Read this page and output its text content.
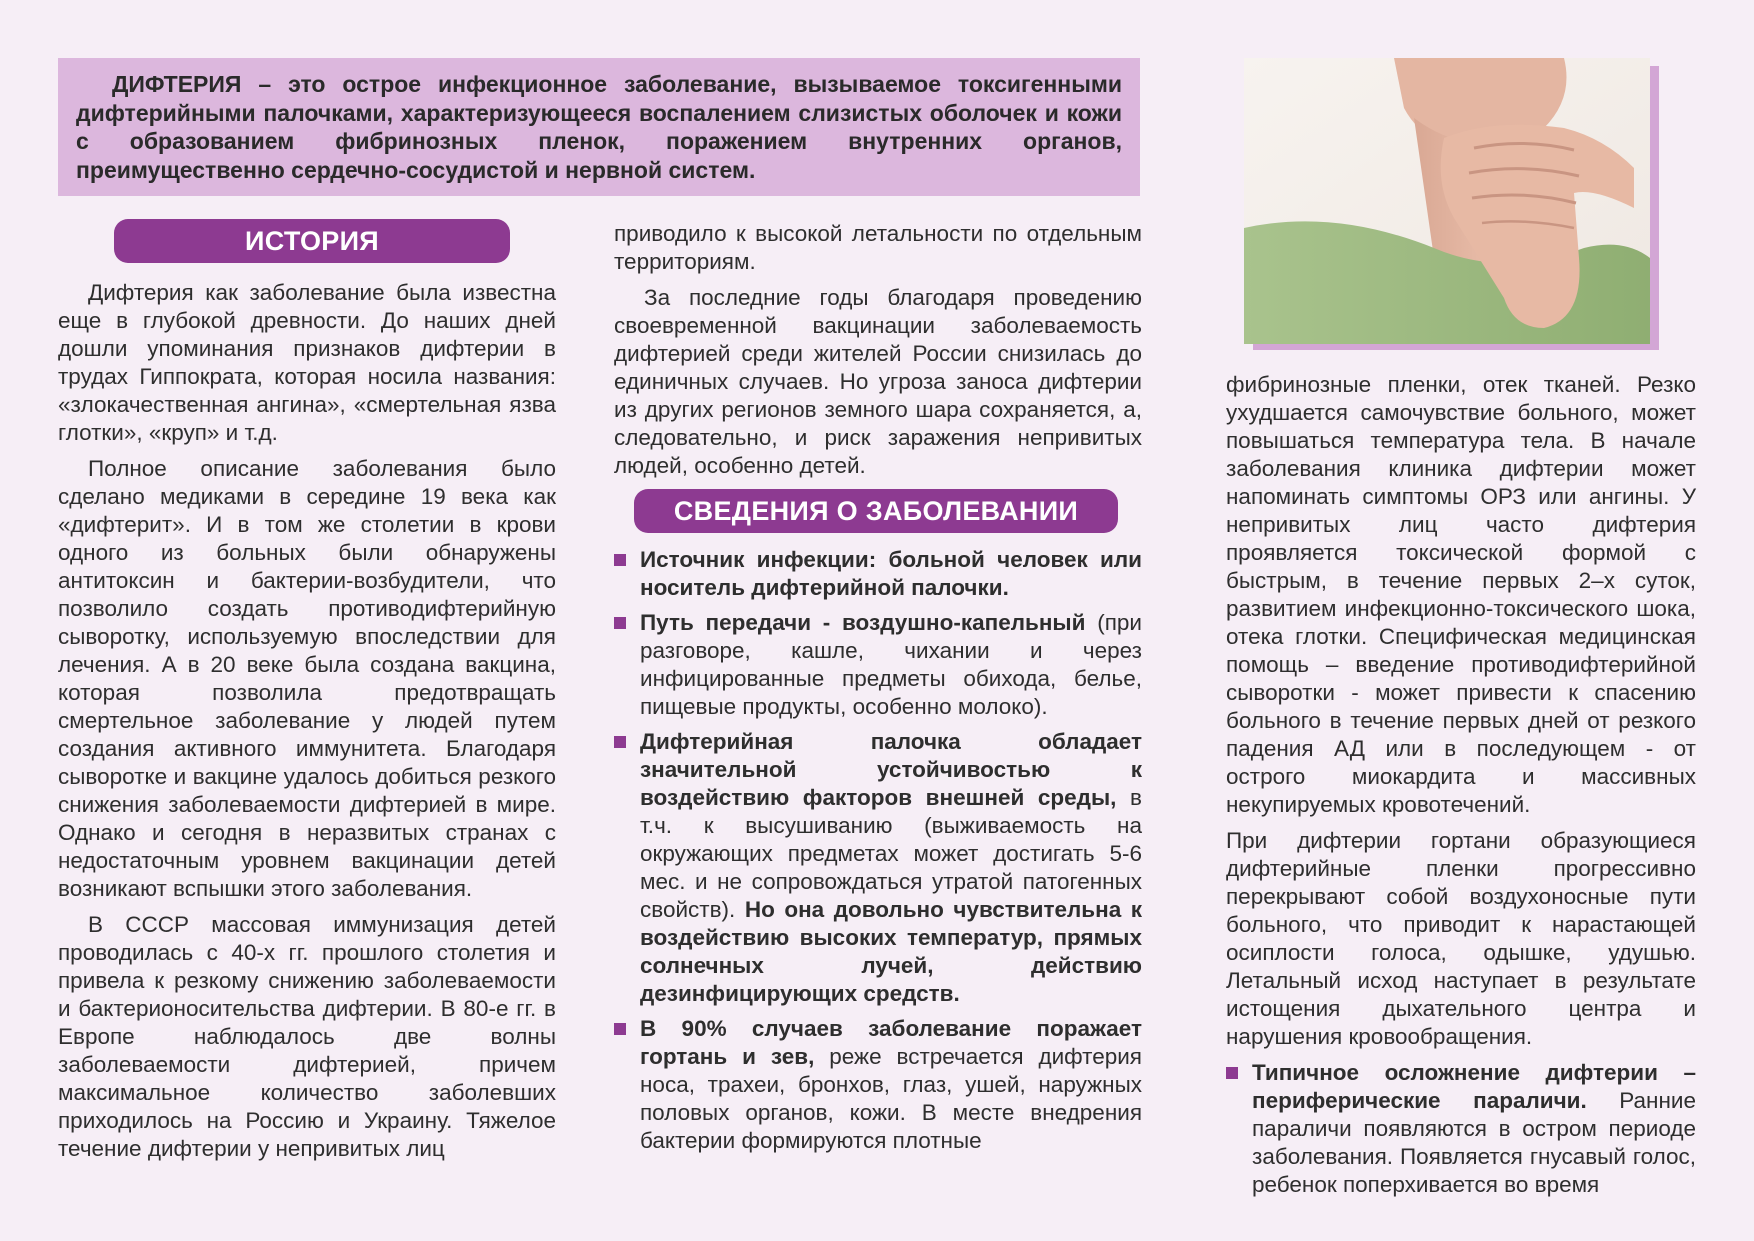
ДИФТЕРИЯ – это острое инфекционное заболевание, вызываемое токсигенными дифтерийными палочками, характеризующееся воспалением слизистых оболочек и кожи с образованием фибринозных пленок, поражением внутренних органов, преимущественно сердечно-сосудистой и нервной систем.

ИСТОРИЯ

Дифтерия как заболевание была известна еще в глубокой древности. До наших дней дошли упоминания признаков дифтерии в трудах Гиппократа, которая носила названия: «злокачественная ангина», «смертельная язва глотки», «круп» и т.д.

Полное описание заболевания было сделано медиками в середине 19 века как «дифтерит». И в том же столетии в крови одного из больных были обнаружены антитоксин и бактерии-возбудители, что позволило создать противодифтерийную сыворотку, используемую впоследствии для лечения. А в 20 веке была создана вакцина, которая позволила предотвращать смертельное заболевание у людей путем создания активного иммунитета. Благодаря сыворотке и вакцине удалось добиться резкого снижения заболеваемости дифтерией в мире. Однако и сегодня в неразвитых странах с недостаточным уровнем вакцинации детей возникают вспышки этого заболевания.

В СССР массовая иммунизация детей проводилась с 40-х гг. прошлого столетия и привела к резкому снижению заболеваемости и бактерионосительства дифтерии. В 80-е гг. в Европе наблюдалось две волны заболеваемости дифтерией, причем максимальное количество заболевших приходилось на Россию и Украину. Тяжелое течение дифтерии у непривитых лиц

приводило к высокой летальности по отдельным территориям.

За последние годы благодаря проведению своевременной вакцинации заболеваемость дифтерией среди жителей России снизилась до единичных случаев. Но угроза заноса дифтерии из других регионов земного шара сохраняется, а, следовательно, и риск заражения непривитых людей, особенно детей.

СВЕДЕНИЯ О ЗАБОЛЕВАНИИ
Источник инфекции: больной человек или носитель дифтерийной палочки.
Путь передачи - воздушно-капельный (при разговоре, кашле, чихании и через инфицированные предметы обихода, белье, пищевые продукты, особенно молоко).
Дифтерийная палочка обладает значительной устойчивостью к воздействию факторов внешней среды, в т.ч. к высушиванию (выживаемость на окружающих предметах может достигать 5-6 мес. и не сопровождаться утратой патогенных свойств). Но она довольно чувствительна к воздействию высоких температур, прямых солнечных лучей, действию дезинфицирующих средств.
В 90% случаев заболевание поражает гортань и зев, реже встречается дифтерия носа, трахеи, бронхов, глаз, ушей, наружных половых органов, кожи. В месте внедрения бактерии формируются плотные

фибринозные пленки, отек тканей. Резко ухудшается самочувствие больного, может повышаться температура тела. В начале заболевания клиника дифтерии может напоминать симптомы ОРЗ или ангины. У непривитых лиц часто дифтерия проявляется токсической формой с быстрым, в течение первых 2–х суток, развитием инфекционно-токсического шока, отека глотки. Специфическая медицинская помощь – введение противодифтерийной сыворотки - может привести к спасению больного в течение первых дней от резкого падения АД или в последующем - от острого миокардита и массивных некупируемых кровотечений.

При дифтерии гортани образующиеся дифтерийные пленки прогрессивно перекрывают собой воздухоносные пути больного, что приводит к нарастающей осиплости голоса, одышке, удушью. Летальный исход наступает в результате истощения дыхательного центра и нарушения кровообращения.

Типичное осложнение дифтерии – периферические параличи. Ранние параличи появляются в остром периоде заболевания. Появляется гнусавый голос, ребенок поперхивается во время
